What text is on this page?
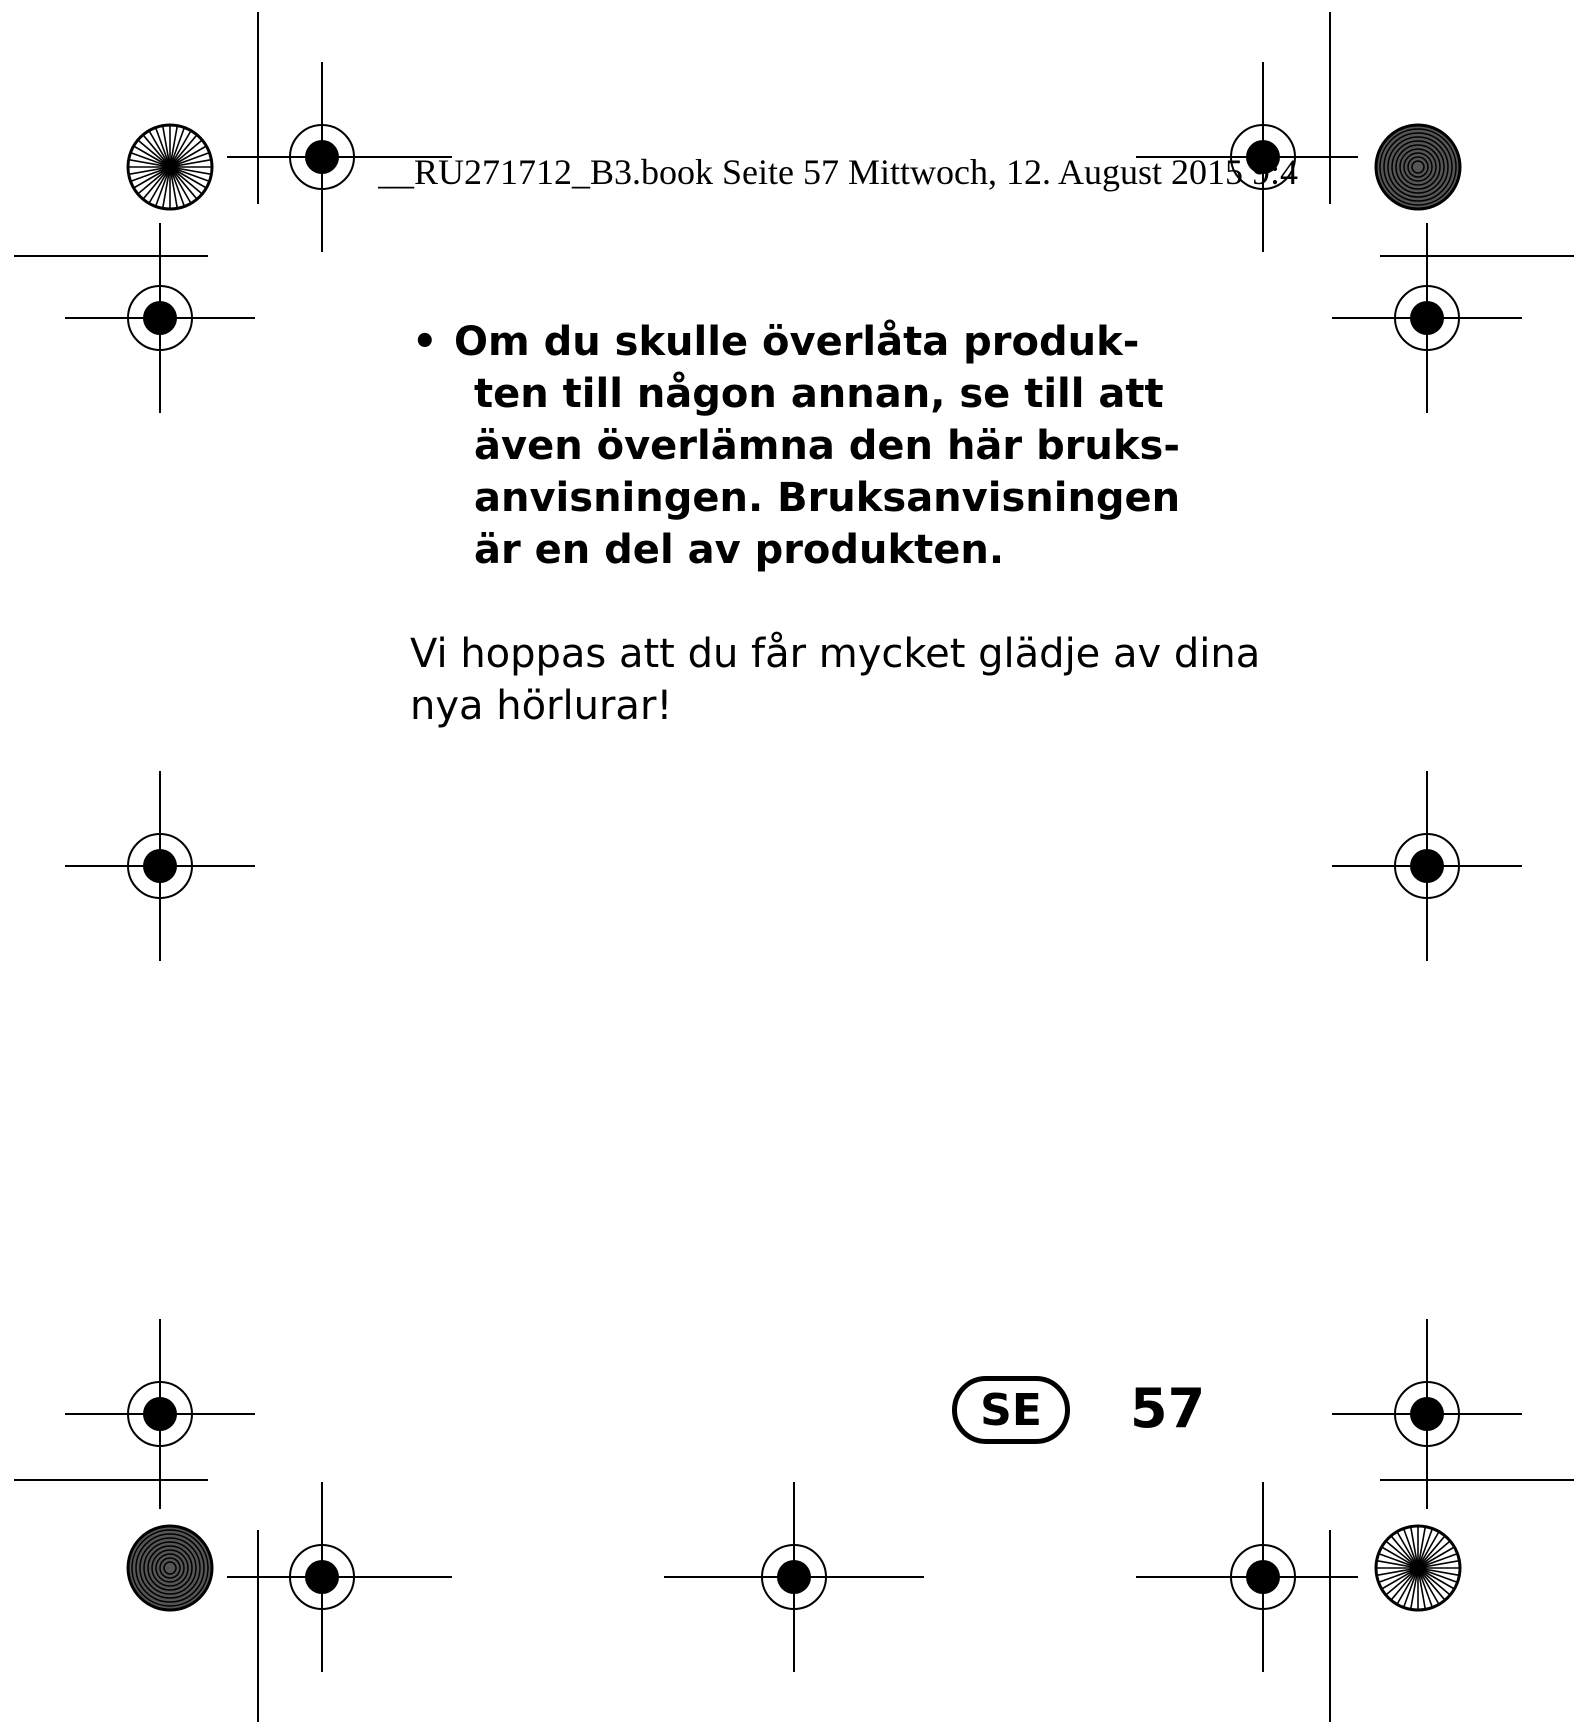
__RU271712_B3.book Seite 57 Mittwoch, 12. August 2015 9:4
• Om du skulle överlåta produk-
ten till någon annan, se till att
även överlämna den här bruks-
anvisningen. Bruksanvisningen
är en del av produkten.
Vi hoppas att du får mycket glädje av dina
nya hörlurar!
SE	57
